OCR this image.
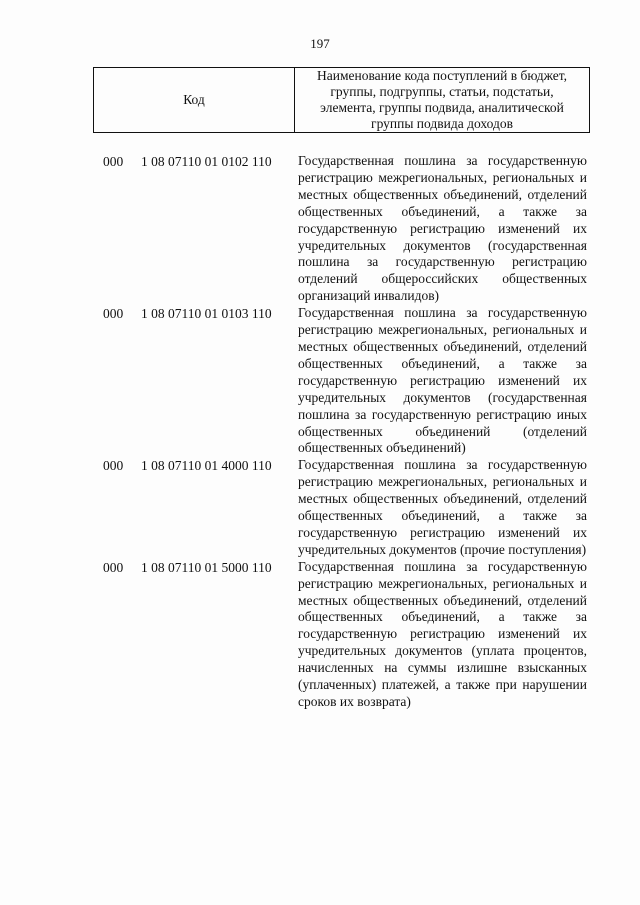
197
Код
Наименование кода поступлений в бюджет, группы, подгруппы, статьи, подстатьи, элемента, группы подвида, аналитической группы подвида доходов
000 1 08 07110 01 0102 110 Государственная пошлина за государственную регистрацию межрегиональных, региональных и местных общественных объединений, отделений общественных объединений, а также за государственную регистрацию изменений их учредительных документов (государственная пошлина за государственную регистрацию отделений общероссийских общественных организаций инвалидов)
000 1 08 07110 01 0103 110 Государственная пошлина за государственную регистрацию межрегиональных, региональных и местных общественных объединений, отделений общественных объединений, а также за государственную регистрацию изменений их учредительных документов (государственная пошлина за государственную регистрацию иных общественных объединений (отделений общественных объединений)
000 1 08 07110 01 4000 110 Государственная пошлина за государственную регистрацию межрегиональных, региональных и местных общественных объединений, отделений общественных объединений, а также за государственную регистрацию изменений их учредительных документов (прочие поступления)
000 1 08 07110 01 5000 110 Государственная пошлина за государственную регистрацию межрегиональных, региональных и местных общественных объединений, отделений общественных объединений, а также за государственную регистрацию изменений их учредительных документов (уплата процентов, начисленных на суммы излишне взысканных (уплаченных) платежей, а также при нарушении сроков их возврата)
